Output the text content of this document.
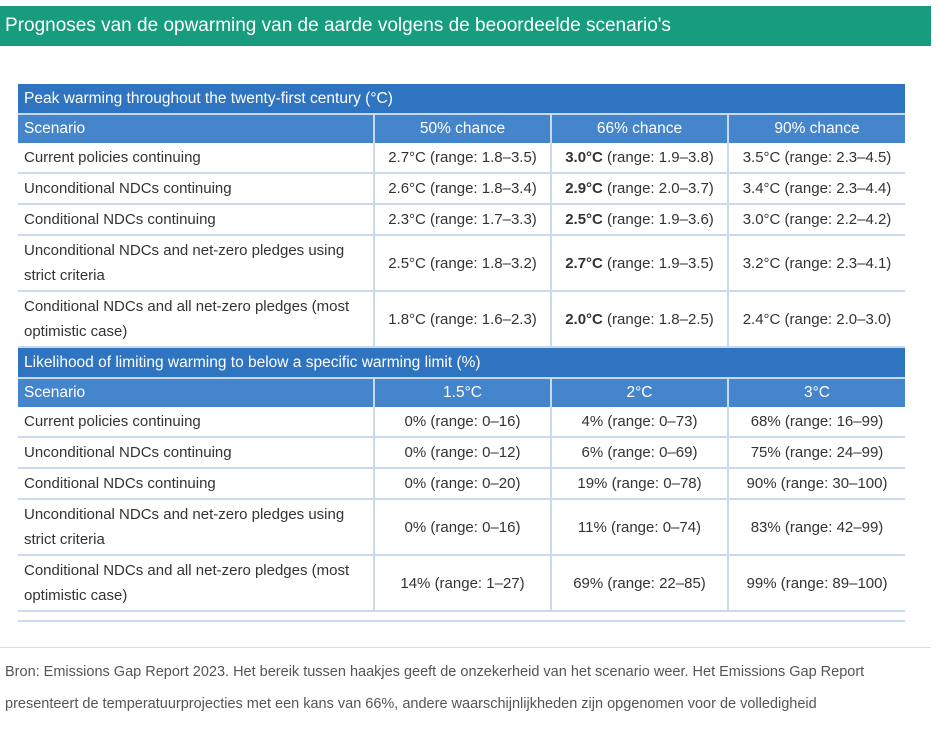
Prognoses van de opwarming van de aarde volgens de beoordeelde scenario's
Peak warming throughout the twenty-first century (°C)			
Scenario	50% chance	66% chance	90% chance
Current policies continuing	2.7°C (range: 1.8–3.5)	3.0°C (range: 1.9–3.8)	3.5°C (range: 2.3–4.5)
Unconditional NDCs continuing	2.6°C (range: 1.8–3.4)	2.9°C (range: 2.0–3.7)	3.4°C (range: 2.3–4.4)
Conditional NDCs continuing	2.3°C (range: 1.7–3.3)	2.5°C (range: 1.9–3.6)	3.0°C (range: 2.2–4.2)
Unconditional NDCs and net-zero pledges using strict criteria	2.5°C (range: 1.8–3.2)	2.7°C (range: 1.9–3.5)	3.2°C (range: 2.3–4.1)
Conditional NDCs and all net-zero pledges (most optimistic case)	1.8°C (range: 1.6–2.3)	2.0°C (range: 1.8–2.5)	2.4°C (range: 2.0–3.0)
Likelihood of limiting warming to below a specific warming limit (%)			
Scenario	1.5°C	2°C	3°C
Current policies continuing	0% (range: 0–16)	4% (range: 0–73)	68% (range: 16–99)
Unconditional NDCs continuing	0% (range: 0–12)	6% (range: 0–69)	75% (range: 24–99)
Conditional NDCs continuing	0% (range: 0–20)	19% (range: 0–78)	90% (range: 30–100)
Unconditional NDCs and net-zero pledges using strict criteria	0% (range: 0–16)	11% (range: 0–74)	83% (range: 42–99)
Conditional NDCs and all net-zero pledges (most optimistic case)	14% (range: 1–27)	69% (range: 22–85)	99% (range: 89–100)
Bron: Emissions Gap Report 2023. Het bereik tussen haakjes geeft de onzekerheid van het scenario weer. Het Emissions Gap Report presenteert de temperatuurprojecties met een kans van 66%, andere waarschijnlijkheden zijn opgenomen voor de volledigheid
